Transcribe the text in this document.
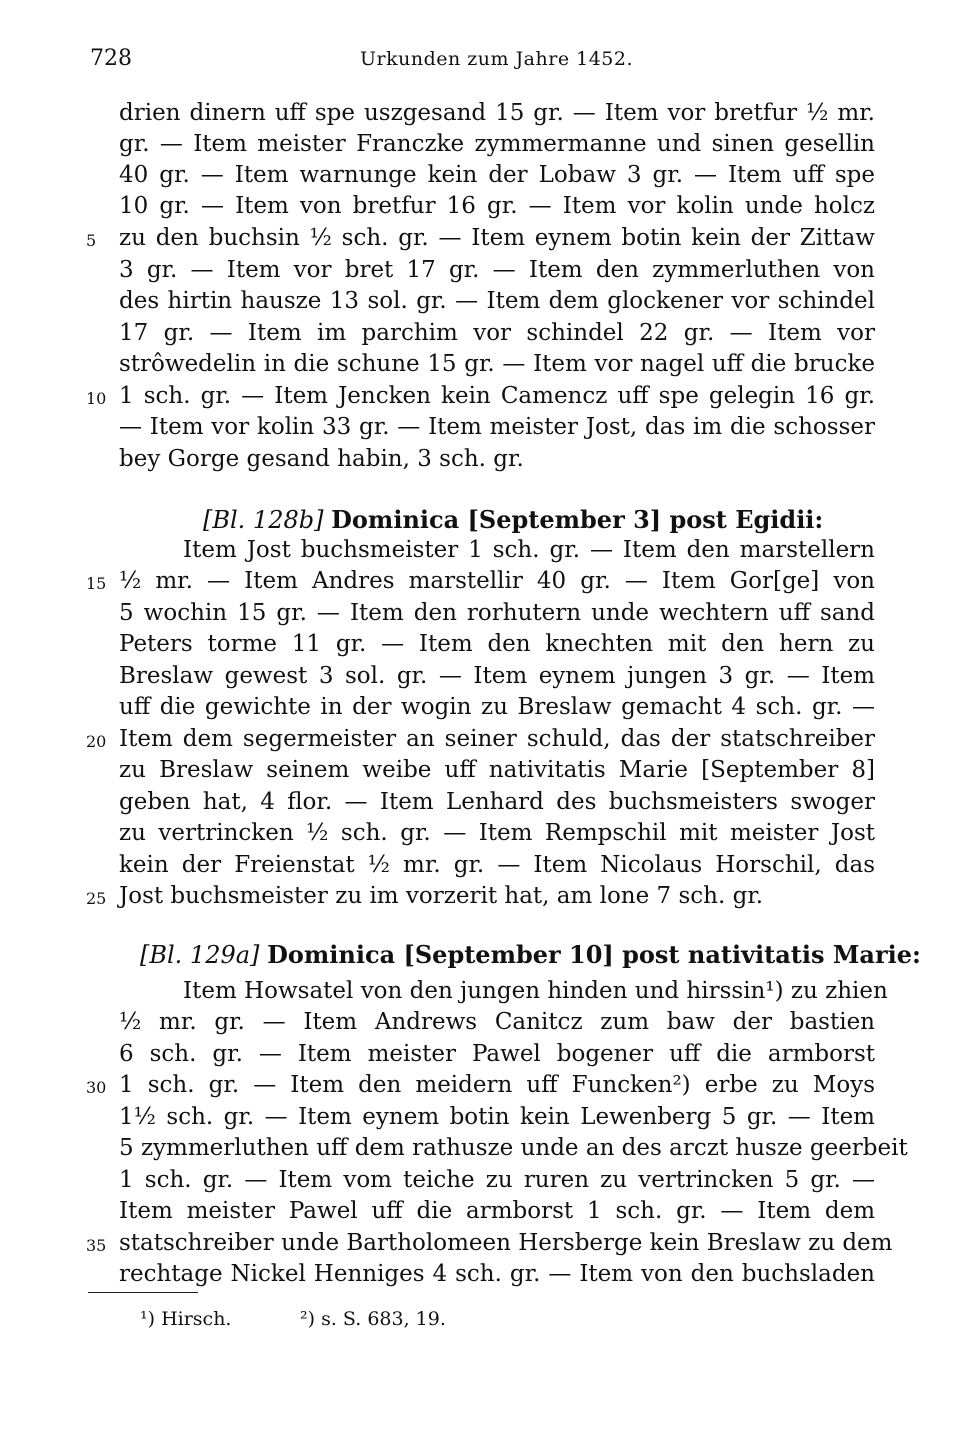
728	Urkunden zum Jahre 1452.
drien dinern uff spe uszgesand 15 gr. — Item vor bretfur ½ mr.
gr. — Item meister Franczke zymmermanne und sinen gesellin
40 gr. — Item warnunge kein der Lobaw 3 gr. — Item uff spe
10 gr. — Item von bretfur 16 gr. — Item vor kolin unde holcz
zu den buchsin ½ sch. gr. — Item eynem botin kein der Zittaw
3 gr. — Item vor bret 17 gr. — Item den zymmerluthen von
des hirtin hausze 13 sol. gr. — Item dem glockener vor schindel
17 gr. — Item im parchim vor schindel 22 gr. — Item vor
strôwedelin in die schune 15 gr. — Item vor nagel uff die brucke
1 sch. gr. — Item Jencken kein Camencz uff spe gelegin 16 gr.
— Item vor kolin 33 gr. — Item meister Jost, das im die schosser
bey Gorge gesand habin, 3 sch. gr.
[Bl. 128b] Dominica [September 3] post Egidii:
Item Jost buchsmeister 1 sch. gr. — Item den marstellern
½ mr. — Item Andres marstellir 40 gr. — Item Gor[ge] von
5 wochin 15 gr. — Item den rorhutern unde wechtern uff sand
Peters torme 11 gr. — Item den knechten mit den hern zu
Breslaw gewest 3 sol. gr. — Item eynem jungen 3 gr. — Item
uff die gewichte in der wogin zu Breslaw gemacht 4 sch. gr. —
Item dem segermeister an seiner schuld, das der statschreiber
zu Breslaw seinem weibe uff nativitatis Marie [September 8]
geben hat, 4 flor. — Item Lenhard des buchsmeisters swoger
zu vertrincken ½ sch. gr. — Item Rempschil mit meister Jost
kein der Freienstat ½ mr. gr. — Item Nicolaus Horschil, das
Jost buchsmeister zu im vorzerit hat, am lone 7 sch. gr.
[Bl. 129a] Dominica [September 10] post nativitatis Marie:
Item Howsatel von den jungen hinden und hirssin¹) zu zhien
½ mr. gr. — Item Andrews Canitcz zum baw der bastien
6 sch. gr. — Item meister Pawel bogener uff die armborst
1 sch. gr. — Item den meidern uff Funcken²) erbe zu Moys
1½ sch. gr. — Item eynem botin kein Lewenberg 5 gr. — Item
5 zymmerluthen uff dem rathusze unde an des arczt husze geerbeit
1 sch. gr. — Item vom teiche zu ruren zu vertrincken 5 gr. —
Item meister Pawel uff die armborst 1 sch. gr. — Item dem
statschreiber unde Bartholomeen Hersberge kein Breslaw zu dem
rechtage Nickel Henniges 4 sch. gr. — Item von den buchsladen
5
10
15
20
25
30
35
¹) Hirsch.	²) s. S. 683, 19.
